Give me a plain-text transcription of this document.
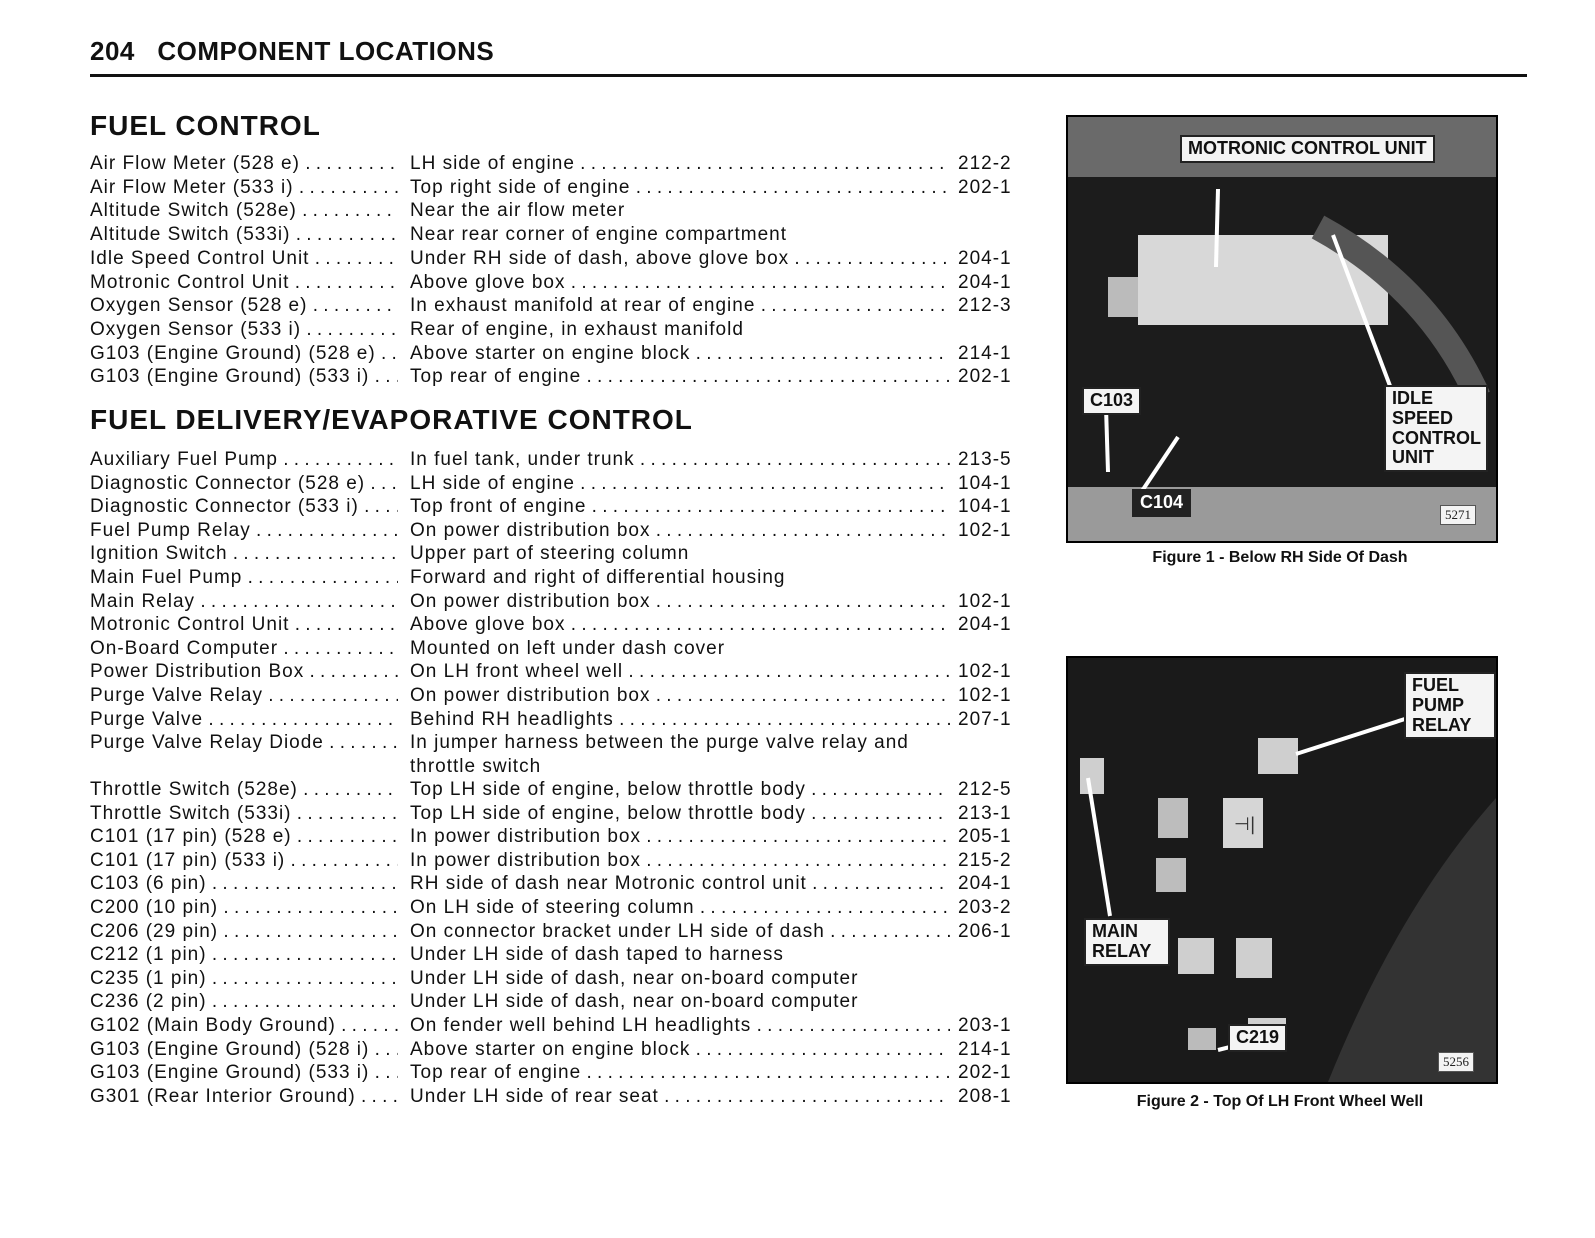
204 COMPONENT LOCATIONS
FUEL CONTROL
Air Flow Meter (528 e) . . .	LH side of engine . . .	212-2
Air Flow Meter (533 i) . . .	Top right side of engine . . .	202-1
Altitude Switch (528e) . . .	Near the air flow meter
Altitude Switch (533i) . . .	Near rear corner of engine compartment
Idle Speed Control Unit . . .	Under RH side of dash, above glove box . . .	204-1
Motronic Control Unit . . .	Above glove box . . .	204-1
Oxygen Sensor (528 e) . . .	In exhaust manifold at rear of engine . . .	212-3
Oxygen Sensor (533 i) . . .	Rear of engine, in exhaust manifold
G103 (Engine Ground) (528 e) . . .	Above starter on engine block . . .	214-1
G103 (Engine Ground) (533 i) . . .	Top rear of engine . . .	202-1
FUEL DELIVERY/EVAPORATIVE CONTROL
Auxiliary Fuel Pump . . .	In fuel tank, under trunk . . .	213-5
Diagnostic Connector (528 e) . . .	LH side of engine . . .	104-1
Diagnostic Connector (533 i) . . .	Top front of engine . . .	104-1
Fuel Pump Relay . . .	On power distribution box . . .	102-1
Ignition Switch . . .	Upper part of steering column
Main Fuel Pump . . .	Forward and right of differential housing
Main Relay . . .	On power distribution box . . .	102-1
Motronic Control Unit . . .	Above glove box . . .	204-1
On-Board Computer . . .	Mounted on left under dash cover
Power Distribution Box . . .	On LH front wheel well . . .	102-1
Purge Valve Relay . . .	On power distribution box . . .	102-1
Purge Valve . . .	Behind RH headlights . . .	207-1
Purge Valve Relay Diode . . .	In jumper harness between the purge valve relay and
throttle switch
Throttle Switch (528e) . . .	Top LH side of engine, below throttle body . . .	212-5
Throttle Switch (533i) . . .	Top LH side of engine, below throttle body . . .	213-1
C101 (17 pin) (528 e) . . .	In power distribution box . . .	205-1
C101 (17 pin) (533 i) . . .	In power distribution box . . .	215-2
C103 (6 pin) . . .	RH side of dash near Motronic control unit . . .	204-1
C200 (10 pin) . . .	On LH side of steering column . . .	203-2
C206 (29 pin) . . .	On connector bracket under LH side of dash . . .	206-1
C212 (1 pin) . . .	Under LH side of dash taped to harness
C235 (1 pin) . . .	Under LH side of dash, near on-board computer
C236 (2 pin) . . .	Under LH side of dash, near on-board computer
G102 (Main Body Ground) . . .	On fender well behind LH headlights . . .	203-1
G103 (Engine Ground) (528 i) . . .	Above starter on engine block . . .	214-1
G103 (Engine Ground) (533 i) . . .	Top rear of engine . . .	202-1
G301 (Rear Interior Ground) . . .	Under LH side of rear seat . . .	208-1
MOTRONIC CONTROL UNIT
IDLE SPEED CONTROL UNIT
C103
C104
5271
Figure 1 - Below RH Side Of Dash
⊣|
FUEL PUMP RELAY
MAIN RELAY
C219
5256
Figure 2 - Top Of LH Front Wheel Well
